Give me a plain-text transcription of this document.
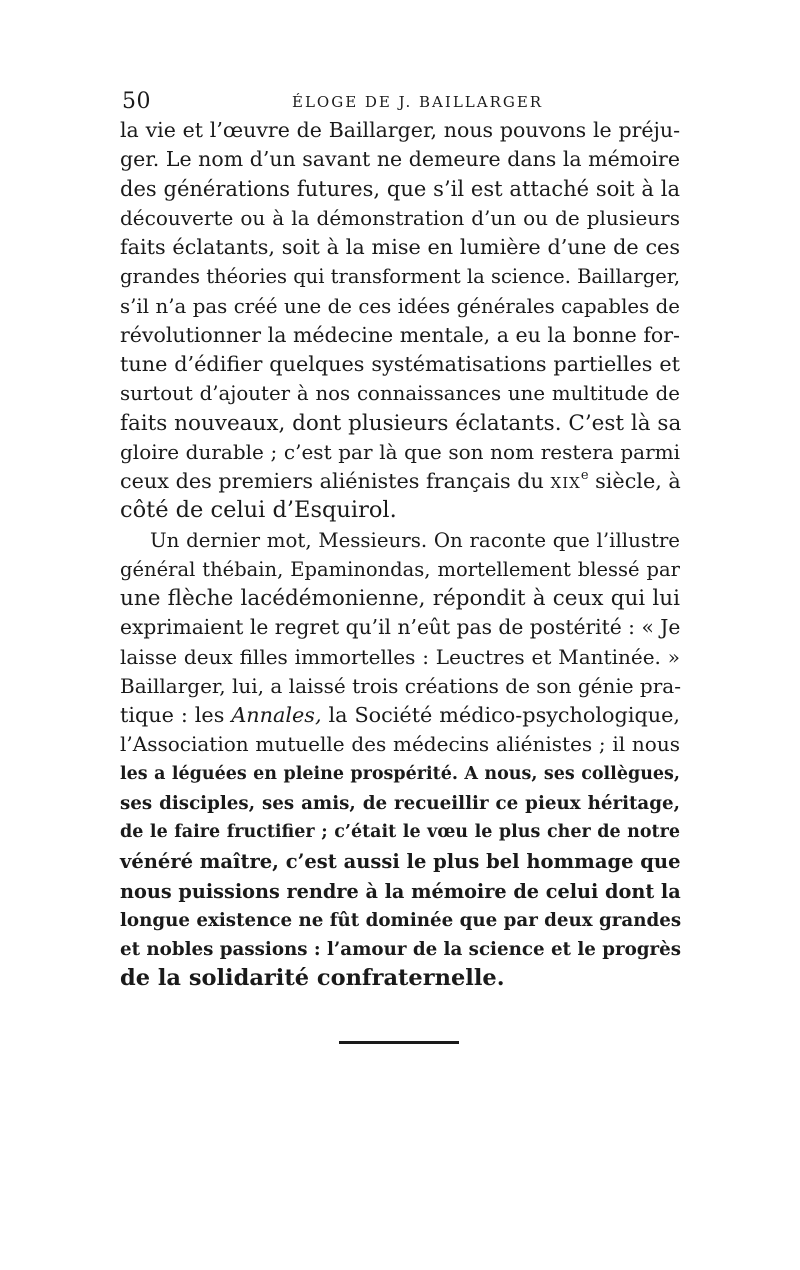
50	ÉLOGE DE J. BAILLARGER
la vie et l’œuvre de Baillarger, nous pouvons le préju-
ger. Le nom d’un savant ne demeure dans la mémoire
des générations futures, que s’il est attaché soit à la
découverte ou à la démonstration d’un ou de plusieurs
faits éclatants, soit à la mise en lumière d’une de ces
grandes théories qui transforment la science. Baillarger,
s’il n’a pas créé une de ces idées générales capables de
révolutionner la médecine mentale, a eu la bonne for-
tune d’édifier quelques systématisations partielles et
surtout d’ajouter à nos connaissances une multitude de
faits nouveaux, dont plusieurs éclatants. C’est là sa
gloire durable ; c’est par là que son nom restera parmi
ceux des premiers aliénistes français du xix$^e$ siècle, à
côté de celui d’Esquirol.
Un dernier mot, Messieurs. On raconte que l’illustre
général thébain, Epaminondas, mortellement blessé par
une flèche lacédémonienne, répondit à ceux qui lui
exprimaient le regret qu’il n’eût pas de postérité : « Je
laisse deux filles immortelles : Leuctres et Mantinée. »
Baillarger, lui, a laissé trois créations de son génie pra-
tique : les Annales, la Société médico-psychologique,
l’Association mutuelle des médecins aliénistes ; il nous
les a léguées en pleine prospérité. A nous, ses collègues,
ses disciples, ses amis, de recueillir ce pieux héritage,
de le faire fructifier ; c’était le vœu le plus cher de notre
vénéré maître, c’est aussi le plus bel hommage que
nous puissions rendre à la mémoire de celui dont la
longue existence ne fût dominée que par deux grandes
et nobles passions : l’amour de la science et le progrès
de la solidarité confraternelle.
